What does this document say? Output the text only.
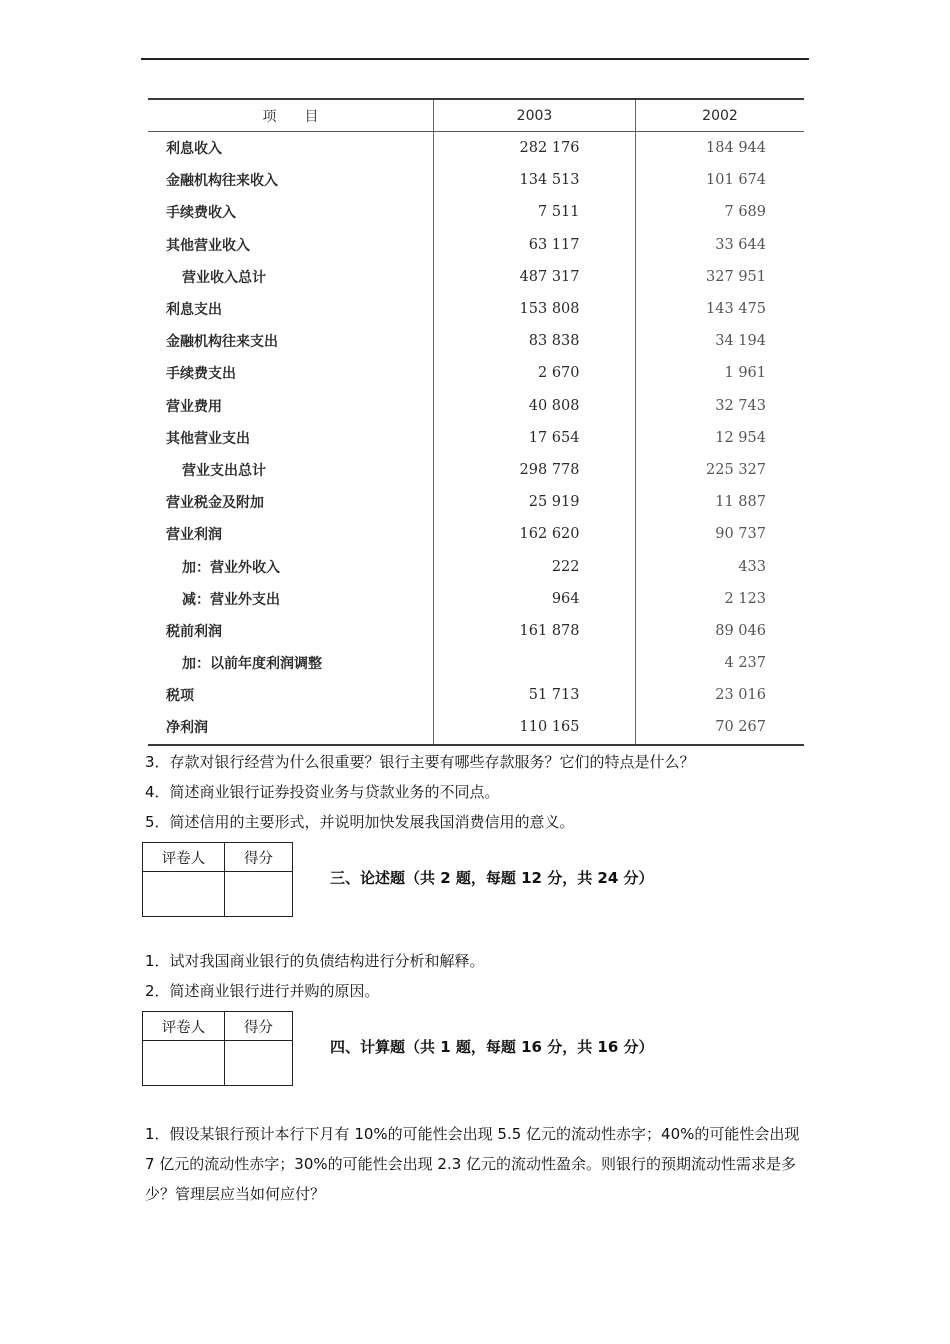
项　　目	2003	2002
利息收入	282 176	184 944
金融机构往来收入	134 513	101 674
手续费收入	7 511	7 689
其他营业收入	63 117	33 644
营业收入总计	487 317	327 951
利息支出	153 808	143 475
金融机构往来支出	83 838	34 194
手续费支出	2 670	1 961
营业费用	40 808	32 743
其他营业支出	17 654	12 954
营业支出总计	298 778	225 327
营业税金及附加	25 919	11 887
营业利润	162 620	90 737
加：营业外收入	222	433
减：营业外支出	964	2 123
税前利润	161 878	89 046
加：以前年度利润调整		4 237
税项	51 713	23 016
净利润	110 165	70 267
3．存款对银行经营为什么很重要？银行主要有哪些存款服务？它们的特点是什么？
4．简述商业银行证券投资业务与贷款业务的不同点。
5．简述信用的主要形式，并说明加快发展我国消费信用的意义。
评卷人	得分

三、论述题（共 2 题，每题 12 分，共 24 分）
1．试对我国商业银行的负债结构进行分析和解释。
2．简述商业银行进行并购的原因。
评卷人	得分

四、计算题（共 1 题，每题 16 分，共 16 分）
1．假设某银行预计本行下月有 10%的可能性会出现 5.5 亿元的流动性赤字；40%的可能性会出现 7 亿元的流动性赤字；30%的可能性会出现 2.3 亿元的流动性盈余。则银行的预期流动性需求是多少？管理层应当如何应付？
